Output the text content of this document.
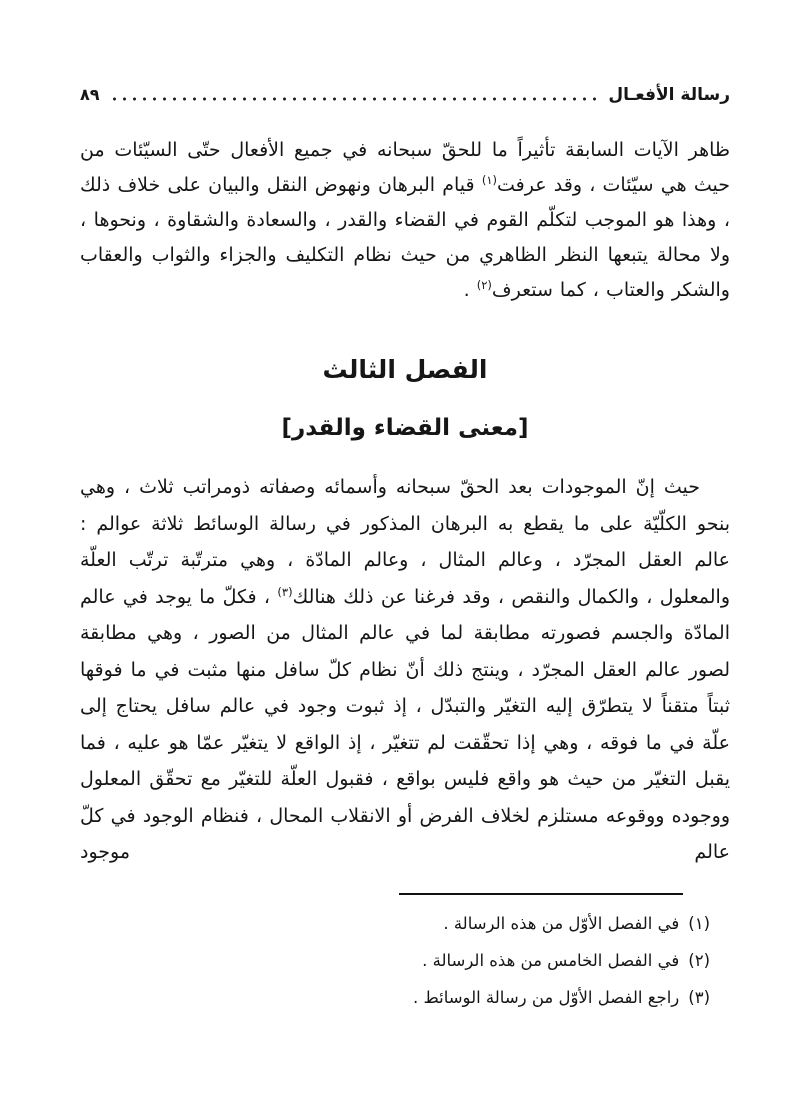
رسالة الأفعـال
٨٩

ظاهر الآيات السابقة تأثيراً ما للحقّ سبحانه في جميع الأفعال حتّى السيّئات من حيث هي سيّئات ، وقد عرفت$^{(١)}$ قيام البرهان ونهوض النقل والبيان على خلاف ذلك ، وهذا هو الموجب لتكلّم القوم في القضاء والقدر ، والسعادة والشقاوة ، ونحوها ، ولا محالة يتبعها النظر الظاهري من حيث نظام التكليف والجزاء والثواب والعقاب والشكر والعتاب ، كما ستعرف$^{(٢)}$ .

الفصل الثالث
[معنى القضاء والقدر]

حيث إنّ الموجودات بعد الحقّ سبحانه وأسمائه وصفاته ذومراتب ثلاث ، وهي بنحو الكلّيّة على ما يقطع به البرهان المذكور في رسالة الوسائط ثلاثة عوالم : عالم العقل المجرّد ، وعالم المثال ، وعالم المادّة ، وهي مترتّبة ترتّب العلّة والمعلول ، والكمال والنقص ، وقد فرغنا عن ذلك هنالك$^{(٣)}$ ، فكلّ ما يوجد في عالم المادّة والجسم فصورته مطابقة لما في عالم المثال من الصور ، وهي مطابقة لصور عالم العقل المجرّد ، وينتج ذلك أنّ نظام كلّ سافل منها مثبت في ما فوقها ثبتاً متقناً لا يتطرّق إليه التغيّر والتبدّل ، إذ ثبوت وجود في عالم سافل يحتاج إلى علّة في ما فوقه ، وهي إذا تحقّقت لم تتغيّر ، إذ الواقع لا يتغيّر عمّا هو عليه ، فما يقبل التغيّر من حيث هو واقع فليس بواقع ، فقبول العلّة للتغيّر مع تحقّق المعلول ووجوده ووقوعه مستلزم لخلاف الفرض أو الانقلاب المحال ، فنظام الوجود في كلّ عالم موجود

(١)
في الفصل الأوّل من هذه الرسالة .
(٢)
في الفصل الخامس من هذه الرسالة .
(٣)
راجع الفصل الأوّل من رسالة الوسائط .
